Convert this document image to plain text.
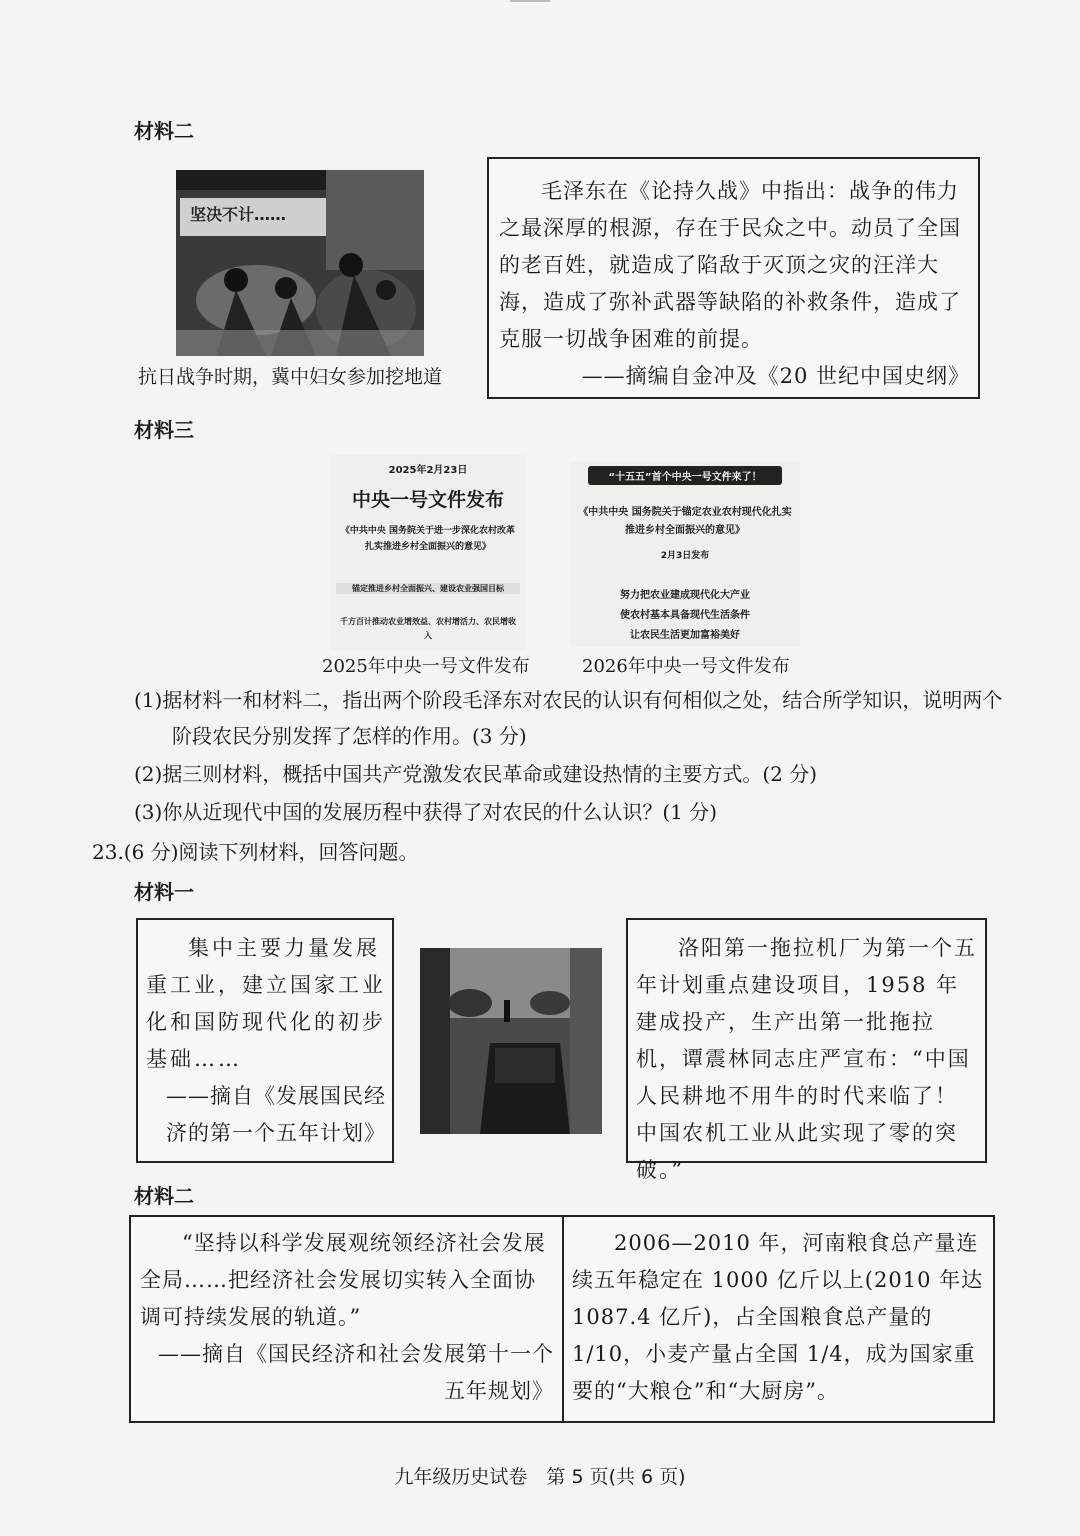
材料二
坚决不计……
抗日战争时期，冀中妇女参加挖地道

毛泽东在《论持久战》中指出：战争的伟力之最深厚的根源，存在于民众之中。动员了全国的老百姓，就造成了陷敌于灭顶之灾的汪洋大海，造成了弥补武器等缺陷的补救条件，造成了克服一切战争困难的前提。

——摘编自金冲及《20 世纪中国史纲》

材料三
2025年2月23日
中央一号文件发布
《中共中央 国务院关于进一步深化农村改革扎实推进乡村全面振兴的意见》
锚定推进乡村全面振兴、建设农业强国目标
千方百计推动农业增效益、农村增活力、农民增收入
2025年中央一号文件发布
“十五五”首个中央一号文件来了！
《中共中央 国务院关于锚定农业农村现代化扎实推进乡村全面振兴的意见》
2月3日发布
努力把农业建成现代化大产业
使农村基本具备现代生活条件
让农民生活更加富裕美好
2026年中央一号文件发布
(1)据材料一和材料二，指出两个阶段毛泽东对农民的认识有何相似之处，结合所学知识，说明两个阶段农民分别发挥了怎样的作用。(3 分)
(2)据三则材料，概括中国共产党激发农民革命或建设热情的主要方式。(2 分)
(3)你从近现代中国的发展历程中获得了对农民的什么认识？(1 分)
23.(6 分)阅读下列材料，回答问题。
材料一

集中主要力量发展重工业，建立国家工业化和国防现代化的初步基础……

——摘自《发展国民经济的第一个五年计划》

洛阳第一拖拉机厂为第一个五年计划重点建设项目，1958 年建成投产，生产出第一批拖拉机，谭震林同志庄严宣布：“中国人民耕地不用牛的时代来临了！中国农机工业从此实现了零的突破。”

材料二

“坚持以科学发展观统领经济社会发展全局……把经济社会发展切实转入全面协调可持续发展的轨道。”

——摘自《国民经济和社会发展第十一个五年规划》

2006—2010 年，河南粮食总产量连续五年稳定在 1000 亿斤以上(2010 年达 1087.4 亿斤)，占全国粮食总产量的 1/10，小麦产量占全国 1/4，成为国家重要的“大粮仓”和“大厨房”。

九年级历史试卷　第 5 页(共 6 页)
